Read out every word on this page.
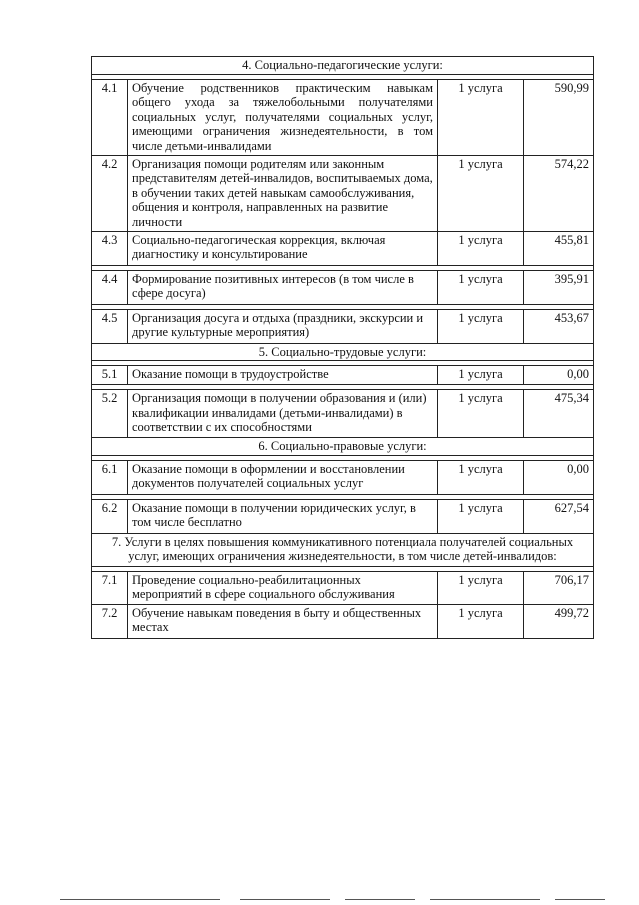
4. Социально-педагогические услуги:			

4.1	Обучение родственников практическим навыкам общего ухода за тяжелобольными получателями социальных услуг, получателями социальных услуг, имеющими ограничения жизнедеятельности, в том числе детьми-инвалидами	1 услуга	590,99
4.2	Организация помощи родителям или законным представителям детей-инвалидов, воспитываемых дома, в обучении таких детей навыкам самообслуживания, общения и контроля, направленных на развитие личности	1 услуга	574,22
4.3	Социально-педагогическая коррекция, включая диагностику и консультирование	1 услуга	455,81

4.4	Формирование позитивных интересов (в том числе в сфере досуга)	1 услуга	395,91

4.5	Организация досуга и отдыха (праздники, экскурсии и другие культурные мероприятия)	1 услуга	453,67
5. Социально-трудовые услуги:			

5.1	Оказание помощи в трудоустройстве	1 услуга	0,00

5.2	Организация помощи в получении образования и (или) квалификации инвалидами (детьми-инвалидами) в соответствии с их способностями	1 услуга	475,34
6. Социально-правовые услуги:			

6.1	Оказание помощи в оформлении и восстановлении документов получателей социальных услуг	1 услуга	0,00

6.2	Оказание помощи в получении юридических услуг, в том числе бесплатно	1 услуга	627,54
7. Услуги в целях повышения коммуникативного потенциала получателей социальных услуг, имеющих ограничения жизнедеятельности, в том числе детей-инвалидов:			

7.1	Проведение социально-реабилитационных мероприятий в сфере социального обслуживания	1 услуга	706,17
7.2	Обучение навыкам поведения в быту и общественных местах	1 услуга	499,72
